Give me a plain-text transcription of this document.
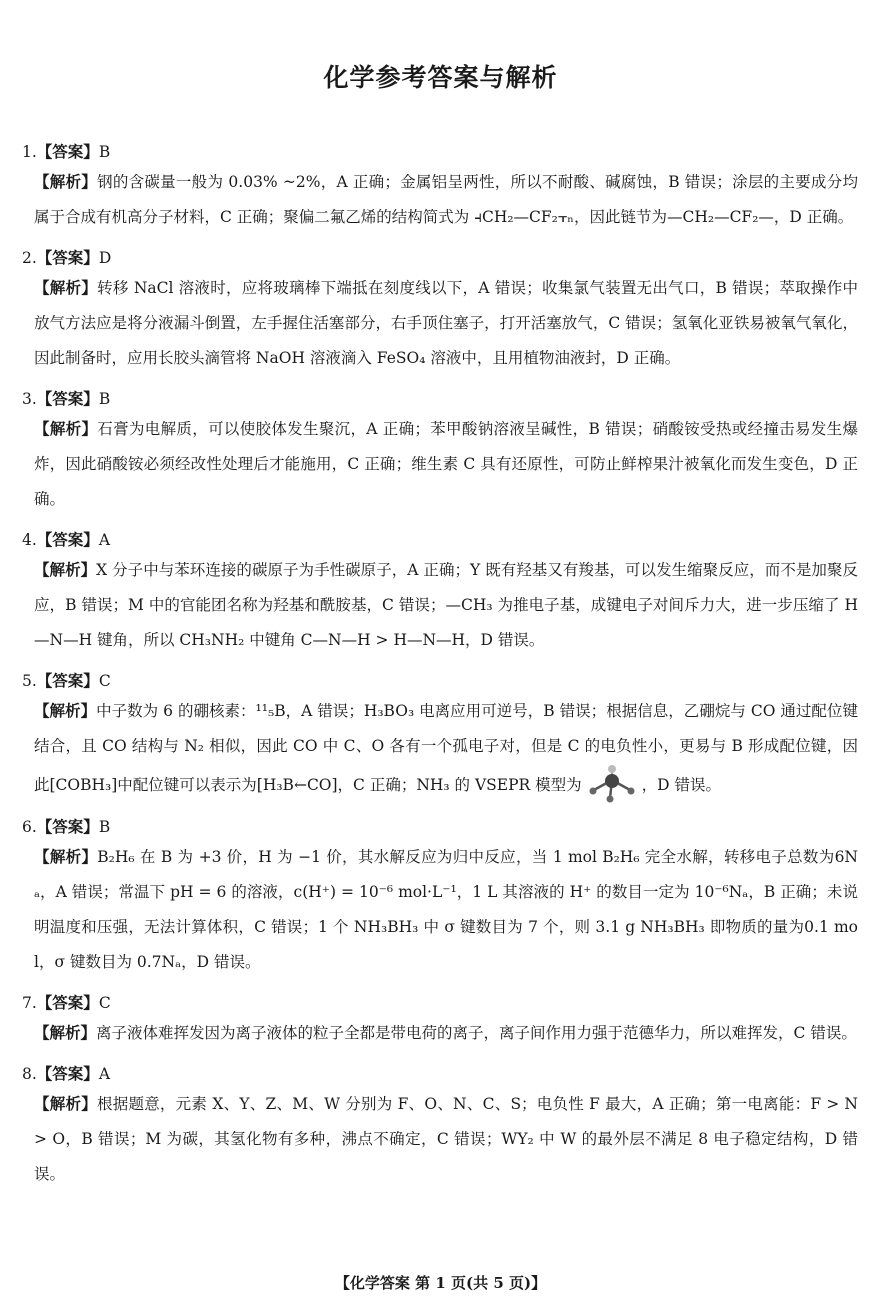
化学参考答案与解析
1.【答案】B
【解析】钢的含碳量一般为 0.03% ~2%，A 正确；金属铝呈两性，所以不耐酸、碱腐蚀，B 错误；涂层的主要成分均属于合成有机高分子材料，C 正确；聚偏二氟乙烯的结构简式为 ⫞CH₂—CF₂⫟ₙ，因此链节为—CH₂—CF₂—，D 正确。
2.【答案】D
【解析】转移 NaCl 溶液时，应将玻璃棒下端抵在刻度线以下，A 错误；收集氯气装置无出气口，B 错误；萃取操作中放气方法应是将分液漏斗倒置，左手握住活塞部分，右手顶住塞子，打开活塞放气，C 错误；氢氧化亚铁易被氧气氧化，因此制备时，应用长胶头滴管将 NaOH 溶液滴入 FeSO₄ 溶液中，且用植物油液封，D 正确。
3.【答案】B
【解析】石膏为电解质，可以使胶体发生聚沉，A 正确；苯甲酸钠溶液呈碱性，B 错误；硝酸铵受热或经撞击易发生爆炸，因此硝酸铵必须经改性处理后才能施用，C 正确；维生素 C 具有还原性，可防止鲜榨果汁被氧化而发生变色，D 正确。
4.【答案】A
【解析】X 分子中与苯环连接的碳原子为手性碳原子，A 正确；Y 既有羟基又有羧基，可以发生缩聚反应，而不是加聚反应，B 错误；M 中的官能团名称为羟基和酰胺基，C 错误；—CH₃ 为推电子基，成键电子对间斥力大，进一步压缩了 H—N—H 键角，所以 CH₃NH₂ 中键角 C—N—H > H—N—H，D 错误。
5.【答案】C
【解析】中子数为 6 的硼核素：¹¹₅B，A 错误；H₃BO₃ 电离应用可逆号，B 错误；根据信息，乙硼烷与 CO 通过配位键结合，且 CO 结构与 N₂ 相似，因此 CO 中 C、O 各有一个孤电子对，但是 C 的电负性小，更易与 B 形成配位键，因此[COBH₃]中配位键可以表示为[H₃B←CO]，C 正确；NH₃ 的 VSEPR 模型为	，D 错误。
6.【答案】B
【解析】B₂H₆ 在 B 为 +3 价，H 为 −1 价，其水解反应为归中反应，当 1 mol B₂H₆ 完全水解，转移电子总数为6Nₐ，A 错误；常温下 pH = 6 的溶液，c(H⁺) = 10⁻⁶ mol·L⁻¹，1 L 其溶液的 H⁺ 的数目一定为 10⁻⁶Nₐ，B 正确；未说明温度和压强，无法计算体积，C 错误；1 个 NH₃BH₃ 中 σ 键数目为 7 个，则 3.1 g NH₃BH₃ 即物质的量为0.1 mol，σ 键数目为 0.7Nₐ，D 错误。
7.【答案】C
【解析】离子液体难挥发因为离子液体的粒子全都是带电荷的离子，离子间作用力强于范德华力，所以难挥发，C 错误。
8.【答案】A
【解析】根据题意，元素 X、Y、Z、M、W 分别为 F、O、N、C、S；电负性 F 最大，A 正确；第一电离能：F > N > O，B 错误；M 为碳，其氢化物有多种，沸点不确定，C 错误；WY₂ 中 W 的最外层不满足 8 电子稳定结构，D 错误。
【化学答案 第 1 页(共 5 页)】
